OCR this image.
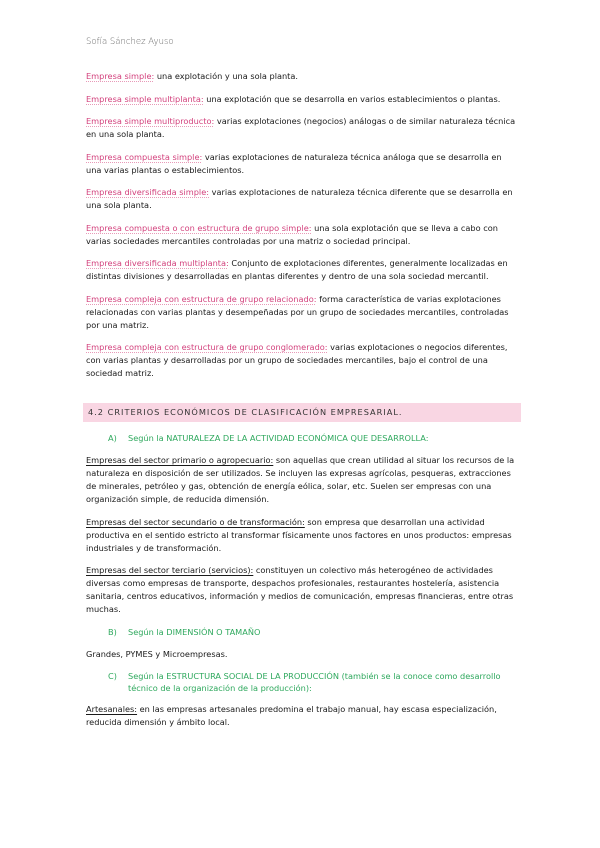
Sofía Sánchez Ayuso

Empresa simple: una explotación y una sola planta.

Empresa simple multiplanta: una explotación que se desarrolla en varios establecimientos o plantas.

Empresa simple multiproducto: varias explotaciones (negocios) análogas o de similar naturaleza técnica en una sola planta.

Empresa compuesta simple: varias explotaciones de naturaleza técnica análoga que se desarrolla en una varias plantas o establecimientos.

Empresa diversificada simple: varias explotaciones de naturaleza técnica diferente que se desarrolla en una sola planta.

Empresa compuesta o con estructura de grupo simple: una sola explotación que se lleva a cabo con varias sociedades mercantiles controladas por una matriz o sociedad principal.

Empresa diversificada multiplanta: Conjunto de explotaciones diferentes, generalmente localizadas en distintas divisiones y desarrolladas en plantas diferentes y dentro de una sola sociedad mercantil.

Empresa compleja con estructura de grupo relacionado: forma característica de varias explotaciones relacionadas con varias plantas y desempeñadas por un grupo de sociedades mercantiles, controladas por una matriz.

Empresa compleja con estructura de grupo conglomerado: varias explotaciones o negocios diferentes, con varias plantas y desarrolladas por un grupo de sociedades mercantiles, bajo el control de una sociedad matriz.

4.2 CRITERIOS ECONÓMICOS DE CLASIFICACIÓN EMPRESARIAL.
A)	Según la NATURALEZA DE LA ACTIVIDAD ECONÓMICA QUE DESARROLLA:

Empresas del sector primario o agropecuario: son aquellas que crean utilidad al situar los recursos de la naturaleza en disposición de ser utilizados. Se incluyen las expresas agrícolas, pesqueras, extracciones de minerales, petróleo y gas, obtención de energía eólica, solar, etc. Suelen ser empresas con una organización simple, de reducida dimensión.

Empresas del sector secundario o de transformación: son empresa que desarrollan una actividad productiva en el sentido estricto al transformar físicamente unos factores en unos productos: empresas industriales y de transformación.

Empresas del sector terciario (servicios): constituyen un colectivo más heterogéneo de actividades diversas como empresas de transporte, despachos profesionales, restaurantes hostelería, asistencia sanitaria, centros educativos, información y medios de comunicación, empresas financieras, entre otras muchas.

B)	Según la DIMENSIÓN O TAMAÑO

Grandes, PYMES y Microempresas.

C)	Según la ESTRUCTURA SOCIAL DE LA PRODUCCIÓN (también se la conoce como desarrollo técnico de la organización de la producción):

Artesanales: en las empresas artesanales predomina el trabajo manual, hay escasa especialización, reducida dimensión y ámbito local.
